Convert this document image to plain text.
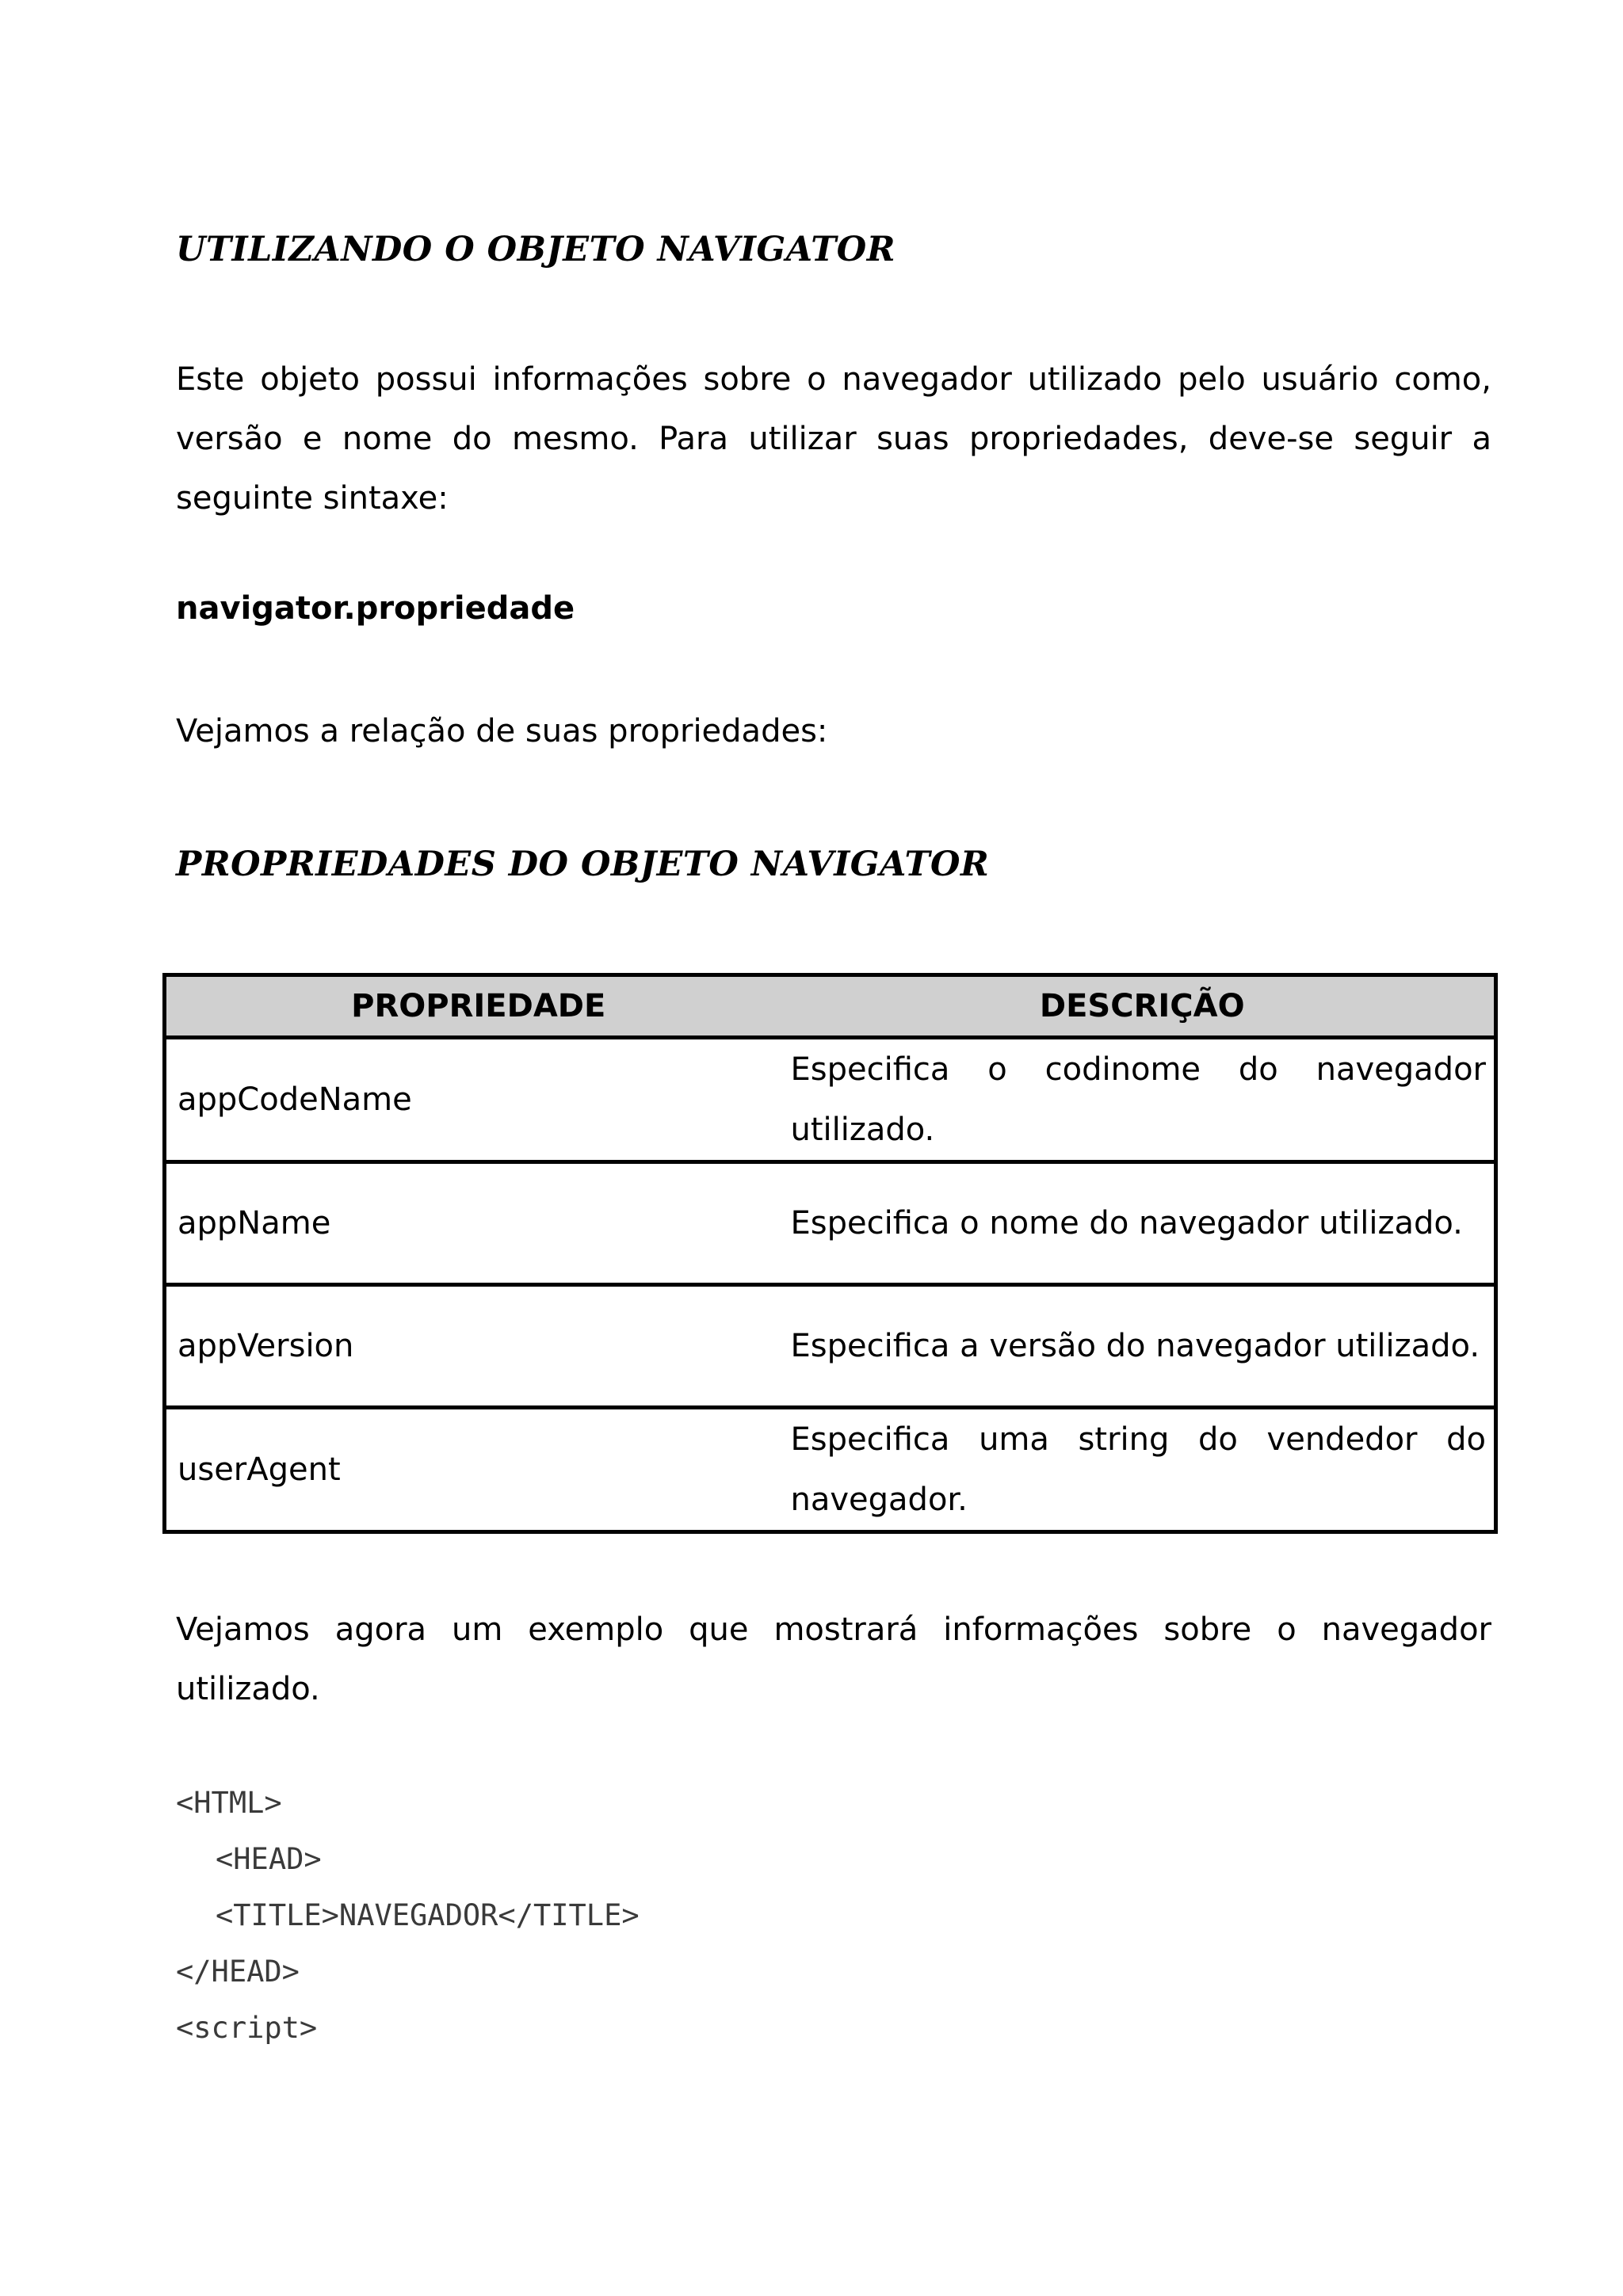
UTILIZANDO O OBJETO NAVIGATOR

Este objeto possui informações sobre o navegador utilizado pelo usuário como, versão e nome do mesmo. Para utilizar suas propriedades, deve-se seguir a seguinte sintaxe:

navigator.propriedade

Vejamos a relação de suas propriedades:

PROPRIEDADES DO OBJETO NAVIGATOR
PROPRIEDADE	DESCRIÇÃO
appCodeName	Especifica o codinome do navegador utilizado.
appName	Especifica o nome do navegador utilizado.
appVersion	Especifica a versão do navegador utilizado.
userAgent	Especifica uma string do vendedor do navegador.

Vejamos agora um exemplo que mostrará informações sobre o navegador utilizado.

<HTML>
<HEAD>
<TITLE>NAVEGADOR</TITLE>
</HEAD>
<script>
